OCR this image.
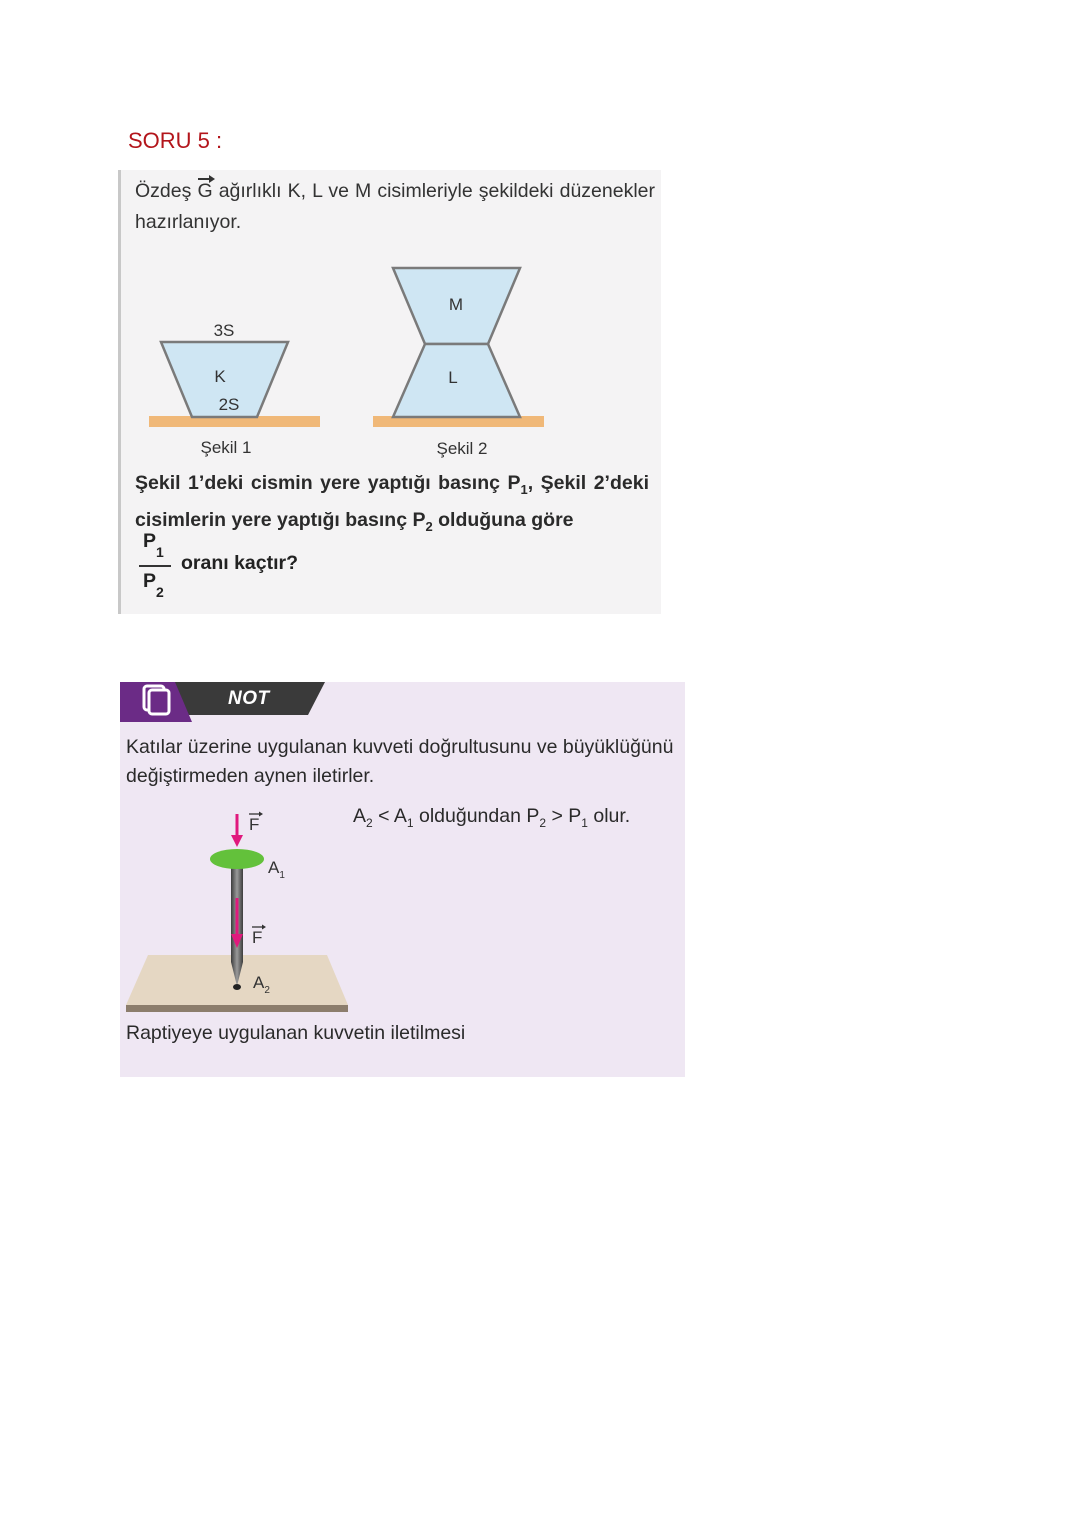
SORU 5 :
Özdeş G ağırlıklı K, L ve M cisimleriyle şekildeki düzenekler hazırlanıyor.
3S
K
2S
Şekil 1
M
L
Şekil 2
Şekil 1’deki cismin yere yaptığı basınç $P_1$, Şekil 2’deki cisimlerin yere yaptığı basınç $P_2$ olduğuna göre
$P_1$
$P_2$
oranı kaçtır?
NOT
Katılar üzerine uygulanan kuvveti doğrultusunu ve büyüklüğünü değiştirmeden aynen iletirler.
$A_2 < A_1$ olduğundan $P_2 > P_1$ olur.
F
$A_1$
F
$A_2$
Raptiyeye uygulanan kuvvetin iletilmesi
